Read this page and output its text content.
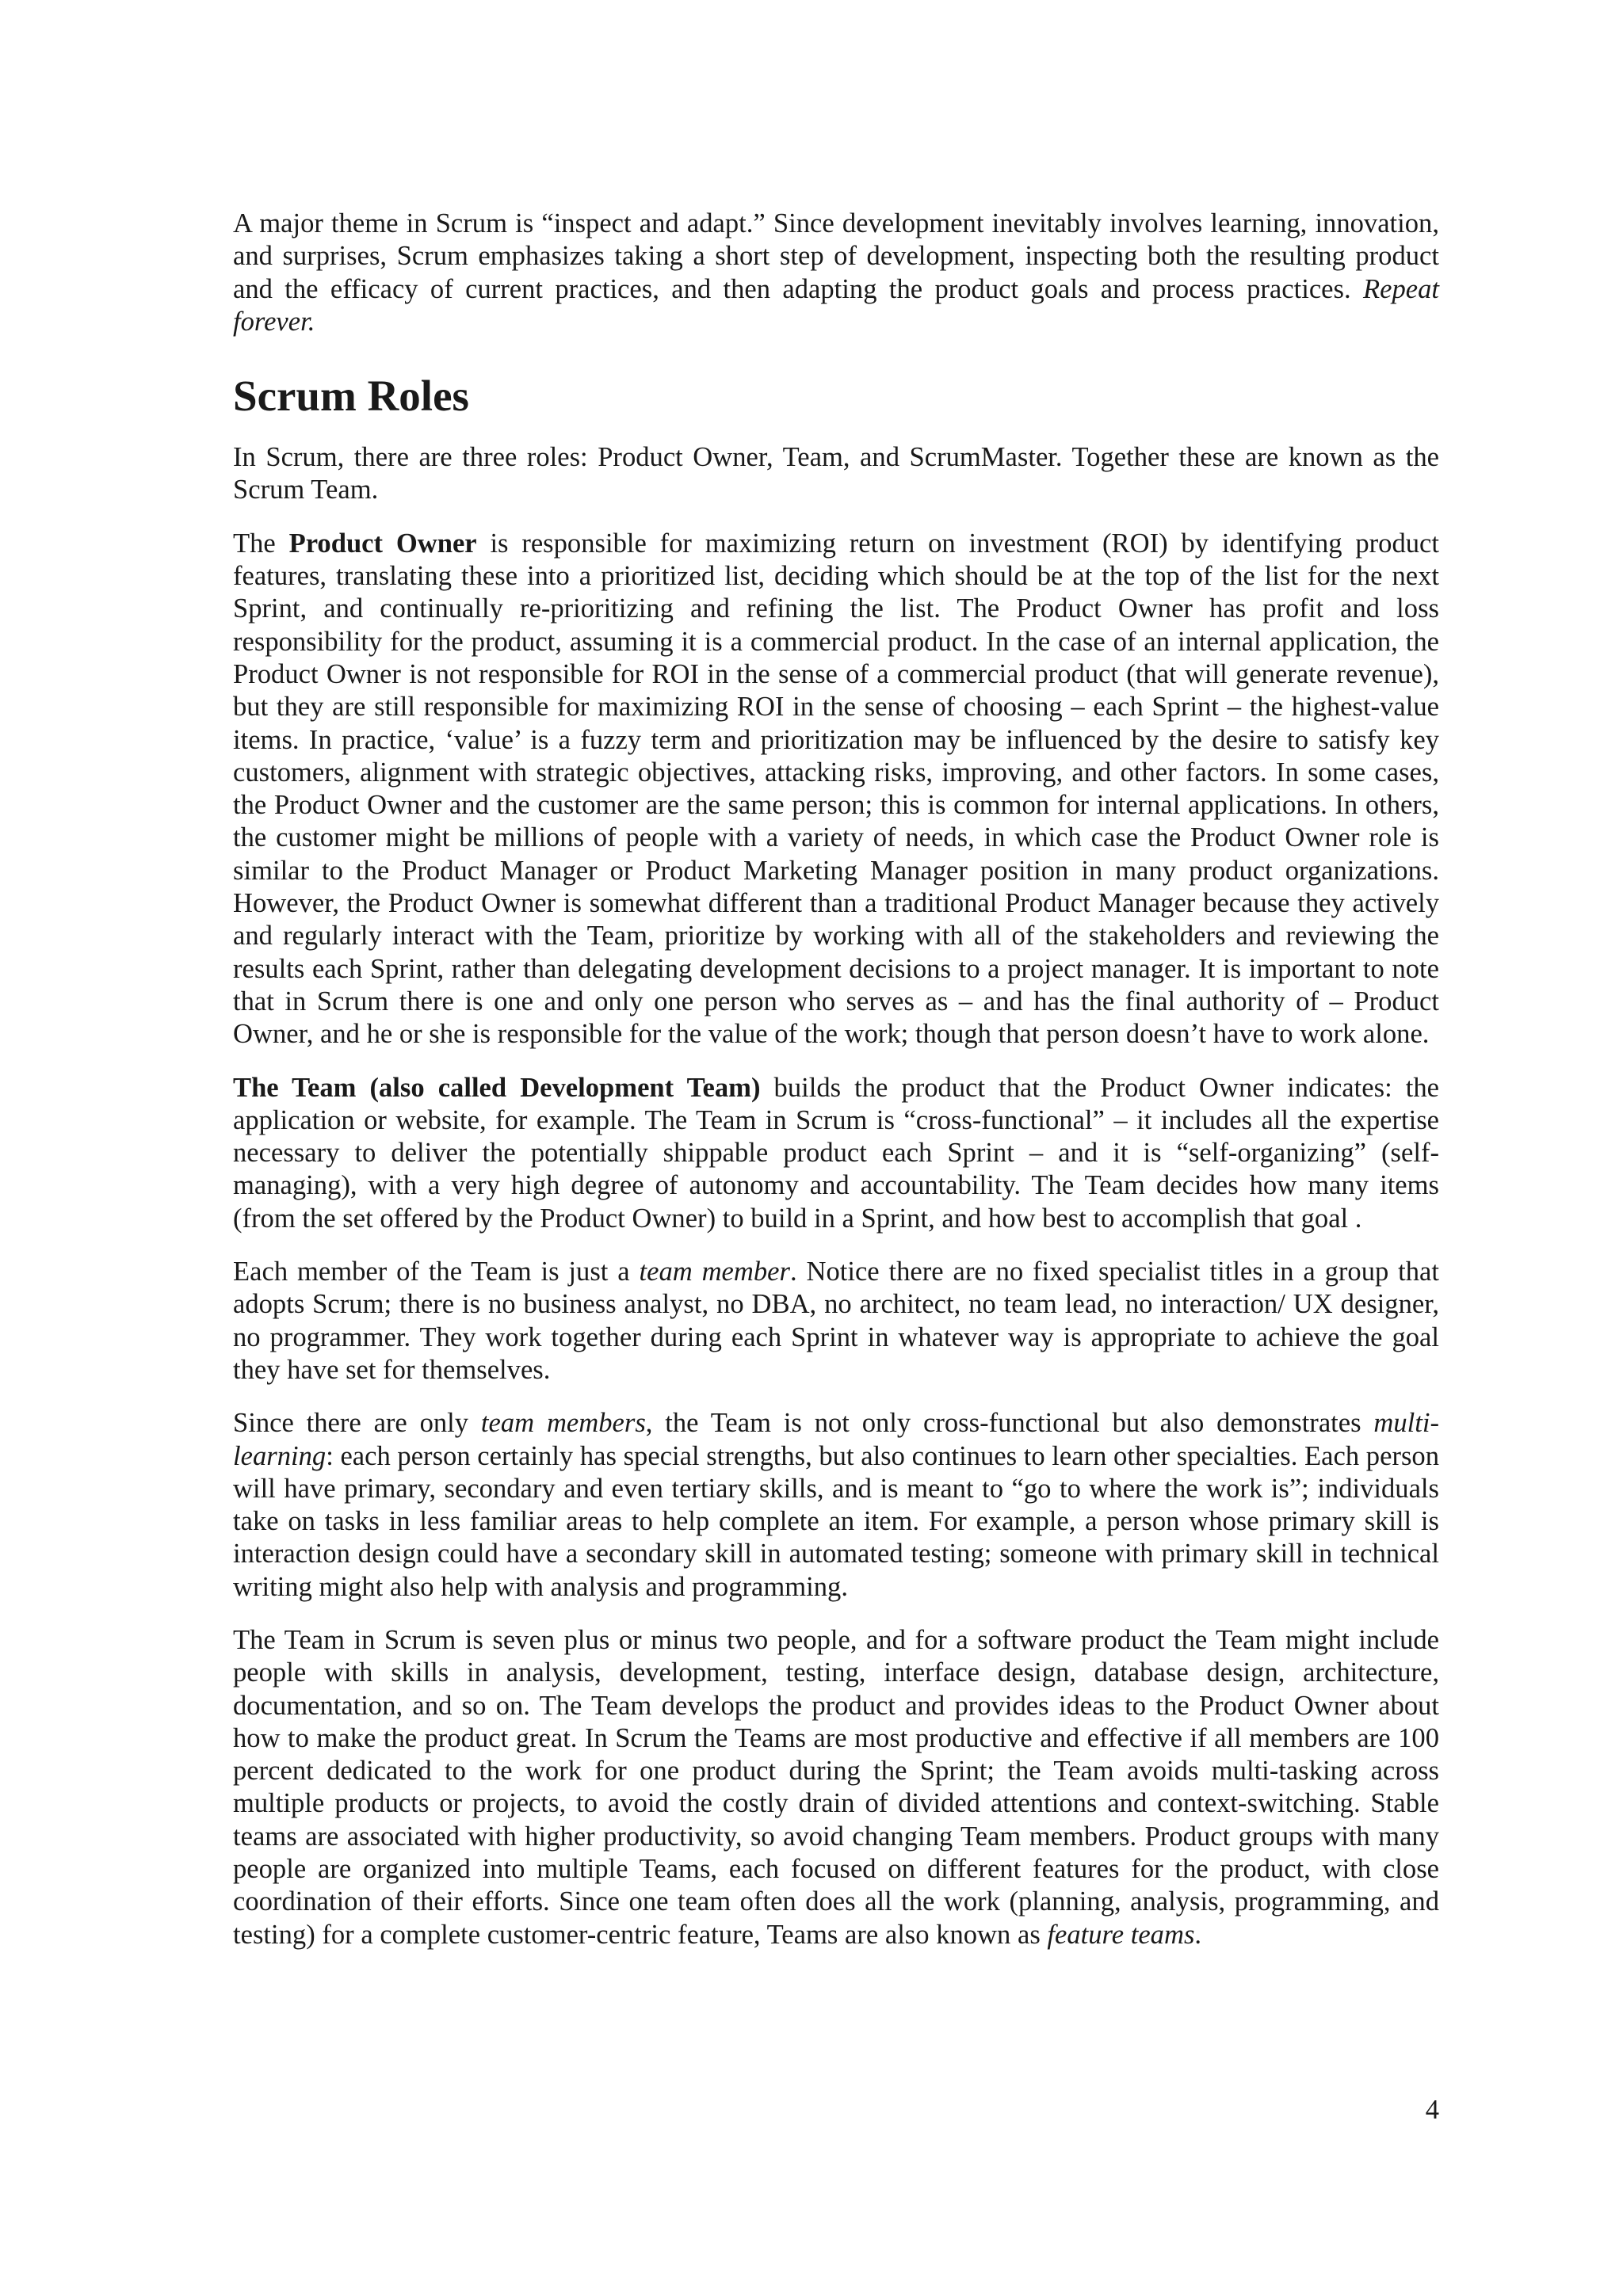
A major theme in Scrum is “inspect and adapt.” Since development inevitably involves learning, innovation, and surprises, Scrum emphasizes taking a short step of development, inspecting both the resulting product and the efficacy of current practices, and then adapting the product goals and process practices. Repeat forever.

Scrum Roles

In Scrum, there are three roles: Product Owner, Team, and ScrumMaster. Together these are known as the Scrum Team.

The Product Owner is responsible for maximizing return on investment (ROI) by identifying product features, translating these into a prioritized list, deciding which should be at the top of the list for the next Sprint, and continually re-prioritizing and refining the list. The Product Owner has profit and loss responsibility for the product, assuming it is a commercial product. In the case of an internal application, the Product Owner is not responsible for ROI in the sense of a commercial product (that will generate revenue), but they are still responsible for maximizing ROI in the sense of choosing – each Sprint – the highest-value items. In practice, ‘value’ is a fuzzy term and prioritization may be influenced by the desire to satisfy key customers, alignment with strategic objectives, attacking risks, improving, and other factors. In some cases, the Product Owner and the customer are the same person; this is common for internal applications. In others, the customer might be millions of people with a variety of needs, in which case the Product Owner role is similar to the Product Manager or Product Marketing Manager position in many product organizations. However, the Product Owner is somewhat different than a traditional Product Manager because they actively and regularly interact with the Team, prioritize by working with all of the stakeholders and reviewing the results each Sprint, rather than delegating development decisions to a project manager. It is important to note that in Scrum there is one and only one person who serves as – and has the final authority of – Product Owner, and he or she is responsible for the value of the work; though that person doesn’t have to work alone.

The Team (also called Development Team) builds the product that the Product Owner indicates: the application or website, for example. The Team in Scrum is “cross-functional” – it includes all the expertise necessary to deliver the potentially shippable product each Sprint – and it is “self-organizing” (self-managing), with a very high degree of autonomy and accountability. The Team decides how many items (from the set offered by the Product Owner) to build in a Sprint, and how best to accomplish that goal .

Each member of the Team is just a team member. Notice there are no fixed specialist titles in a group that adopts Scrum; there is no business analyst, no DBA, no architect, no team lead, no interaction/ UX designer, no programmer. They work together during each Sprint in whatever way is appropriate to achieve the goal they have set for themselves.

Since there are only team members, the Team is not only cross-functional but also demonstrates multi-learning: each person certainly has special strengths, but also continues to learn other specialties. Each person will have primary, secondary and even tertiary skills, and is meant to “go to where the work is”; individuals take on tasks in less familiar areas to help complete an item. For example, a person whose primary skill is interaction design could have a secondary skill in automated testing; someone with primary skill in technical writing might also help with analysis and programming.

The Team in Scrum is seven plus or minus two people, and for a software product the Team might include people with skills in analysis, development, testing, interface design, database design, architecture, documentation, and so on. The Team develops the product and provides ideas to the Product Owner about how to make the product great. In Scrum the Teams are most productive and effective if all members are 100 percent dedicated to the work for one product during the Sprint; the Team avoids multi-tasking across multiple products or projects, to avoid the costly drain of divided attentions and context-switching. Stable teams are associated with higher productivity, so avoid changing Team members. Product groups with many people are organized into multiple Teams, each focused on different features for the product, with close coordination of their efforts. Since one team often does all the work (planning, analysis, programming, and testing) for a complete customer-centric feature, Teams are also known as feature teams.

4
